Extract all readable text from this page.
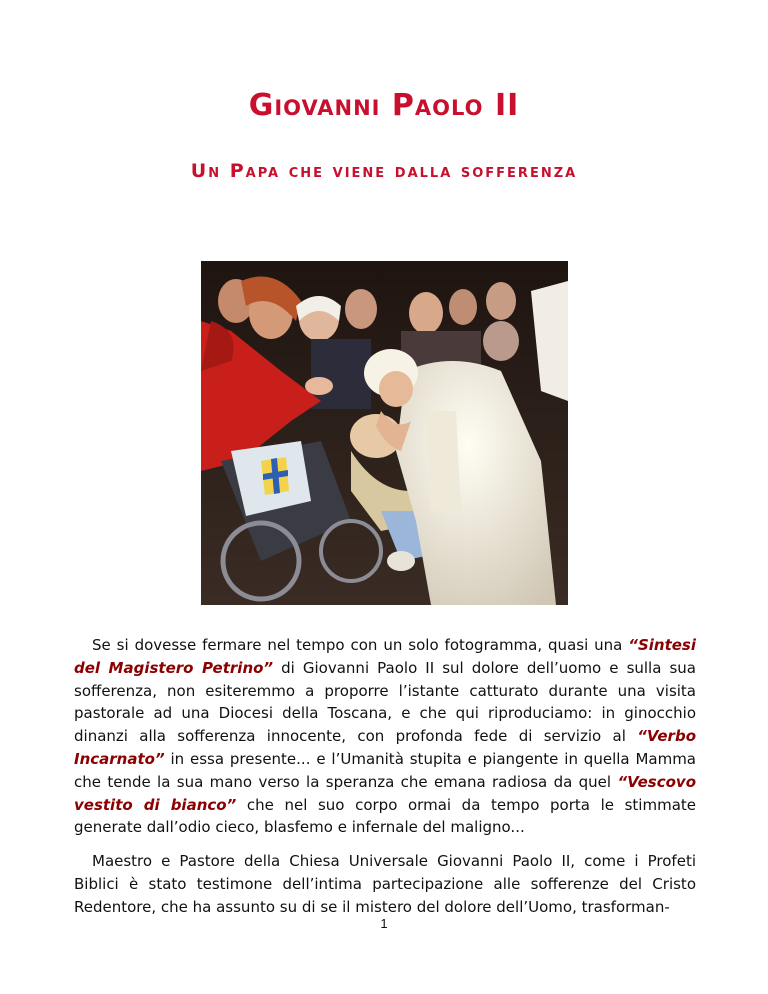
Giovanni Paolo II
Un Papa che viene dalla sofferenza

Se si dovesse fermare nel tempo con un solo fotogramma, quasi una “Sintesi del Magistero Petrino” di Giovanni Paolo II sul dolore dell’uomo e sulla sua sofferenza, non esiteremmo a proporre l’istante catturato durante una visita pastorale ad una Diocesi della Toscana, e che qui riproduciamo: in ginocchio dinanzi alla sofferenza innocente, con profonda fede di servizio al “Verbo Incarnato” in essa presente... e l’Umanità stupita e piangente in quella Mamma che tende la sua mano verso la speranza che emana radiosa da quel “Vescovo vestito di bianco” che nel suo corpo ormai da tempo porta le stimmate generate dall’odio cieco, blasfemo e infernale del maligno...

Maestro e Pastore della Chiesa Universale Giovanni Paolo II, come i Profeti Biblici è stato testimone dell’intima partecipazione alle sofferenze del Cristo Redentore, che ha assunto su di se il mistero del dolore dell’Uomo, trasforman-

1
